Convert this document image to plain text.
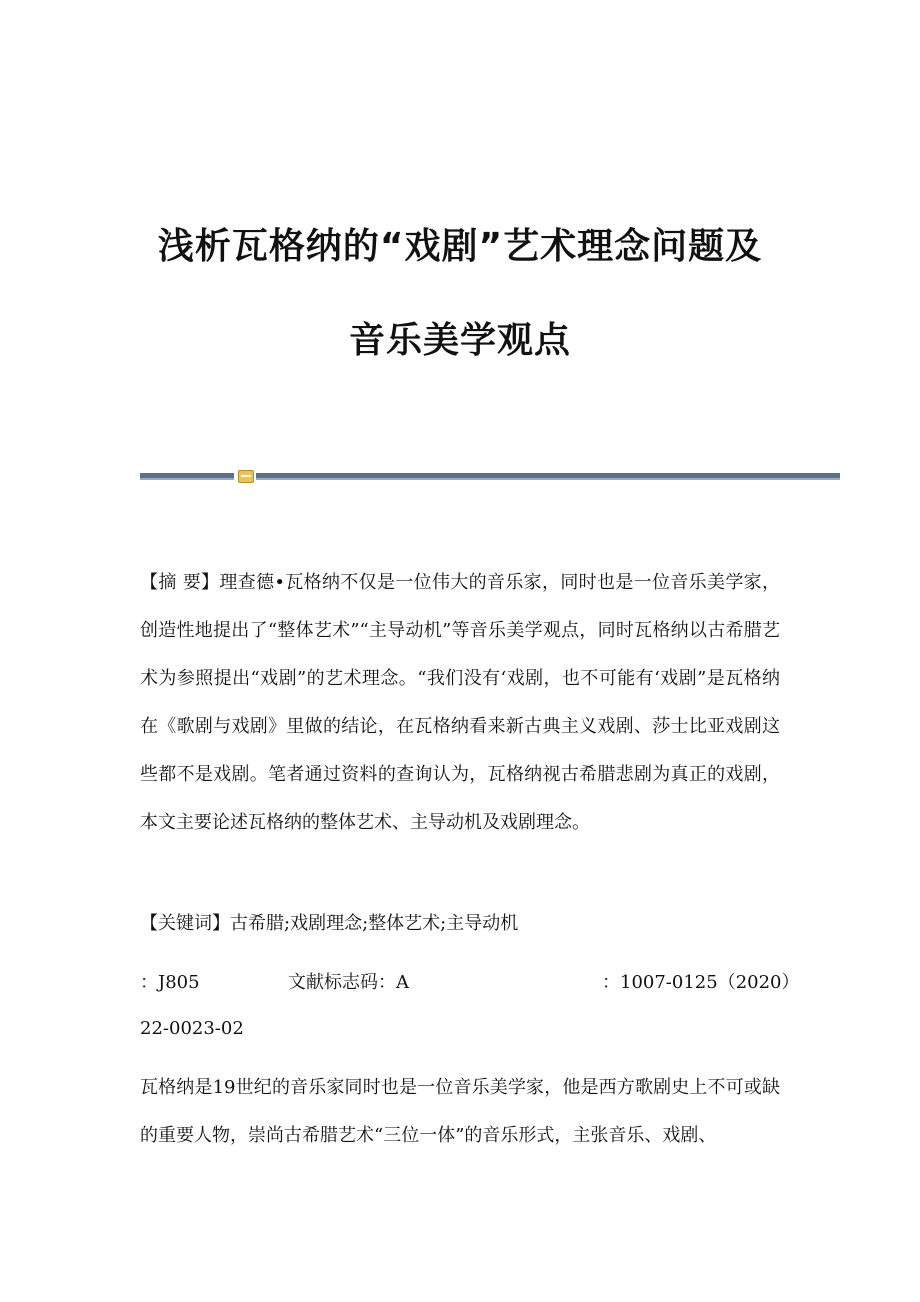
浅析瓦格纳的“戏剧”艺术理念问题及
音乐美学观点
【摘 要】理查德•瓦格纳不仅是一位伟大的音乐家，同时也是一位音乐美学家，创造性地提出了“整体艺术”“主导动机”等音乐美学观点，同时瓦格纳以古希腊艺术为参照提出“戏剧”的艺术理念。“我们没有‘戏剧，也不可能有‘戏剧”是瓦格纳在《歌剧与戏剧》里做的结论，在瓦格纳看来新古典主义戏剧、莎士比亚戏剧这些都不是戏剧。笔者通过资料的查询认为，瓦格纳视古希腊悲剧为真正的戏剧，本文主要论述瓦格纳的整体艺术、主导动机及戏剧理念。
【关键词】古希腊;戏剧理念;整体艺术;主导动机
：J805	文献标志码：A	：1007-0125（2020）
22-0023-02
瓦格纳是19世纪的音乐家同时也是一位音乐美学家，他是西方歌剧史上不可或缺的重要人物，崇尚古希腊艺术“三位一体”的音乐形式，主张音乐、戏剧、
